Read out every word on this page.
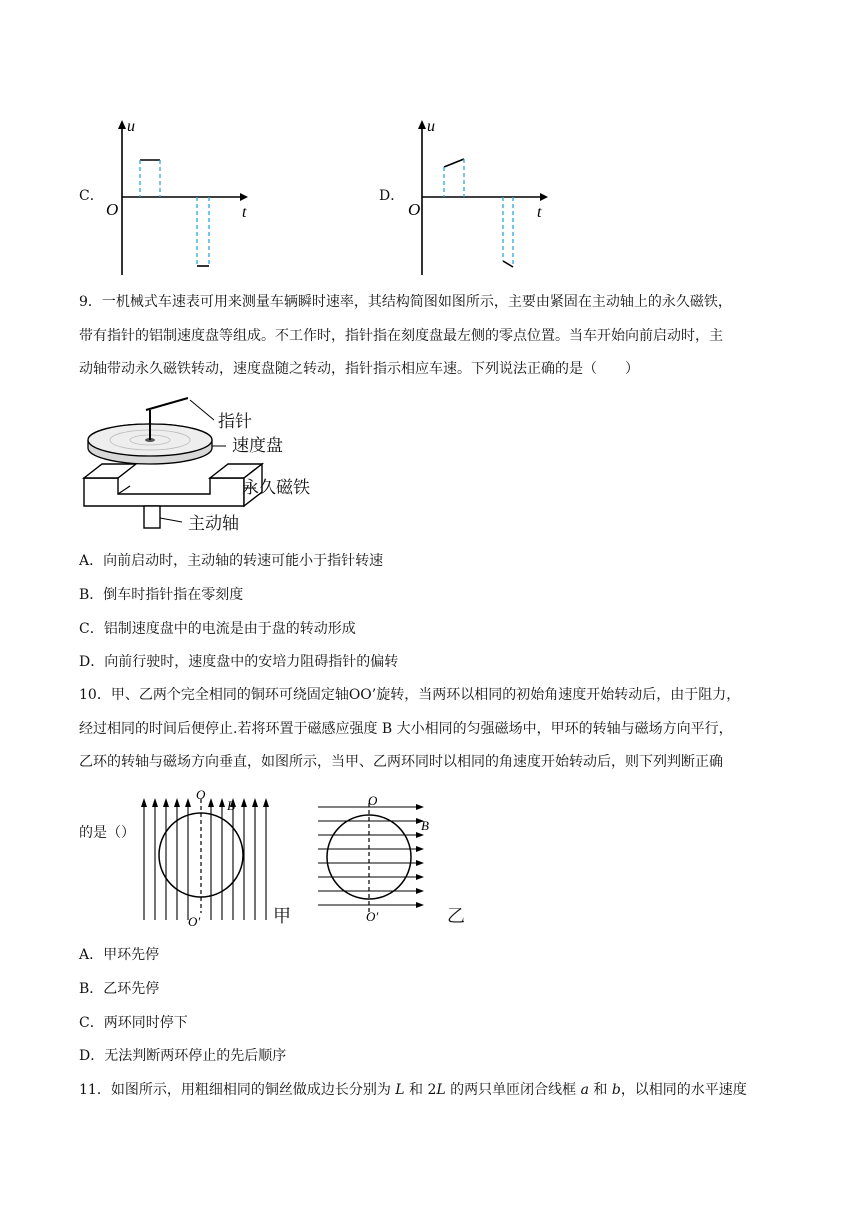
C．
u
t
O
D．
u
t
O
9．一机械式车速表可用来测量车辆瞬时速率，其结构简图如图所示，主要由紧固在主动轴上的永久磁铁，
带有指针的铝制速度盘等组成。不工作时，指针指在刻度盘最左侧的零点位置。当车开始向前启动时，主
动轴带动永久磁铁转动，速度盘随之转动，指针指示相应车速。下列说法正确的是（　　）
指针
速度盘
永久磁铁
主动轴
A．向前启动时，主动轴的转速可能小于指针转速
B．倒车时指针指在零刻度
C．铝制速度盘中的电流是由于盘的转动形成
D．向前行驶时，速度盘中的安培力阻碍指针的偏转
10．甲、乙两个完全相同的铜环可绕固定轴OO’旋转，当两环以相同的初始角速度开始转动后，由于阻力，
经过相同的时间后便停止.若将环置于磁感应强度 B 大小相同的匀强磁场中，甲环的转轴与磁场方向平行，
乙环的转轴与磁场方向垂直，如图所示，当甲、乙两环同时以相同的角速度开始转动后，则下列判断正确
的是（）
O
O′
B
甲
O
O′
B
乙
A．甲环先停
B．乙环先停
C．两环同时停下
D．无法判断两环停止的先后顺序
11．如图所示，用粗细相同的铜丝做成边长分别为 L 和 2L 的两只单匝闭合线框 a 和 b，以相同的水平速度
